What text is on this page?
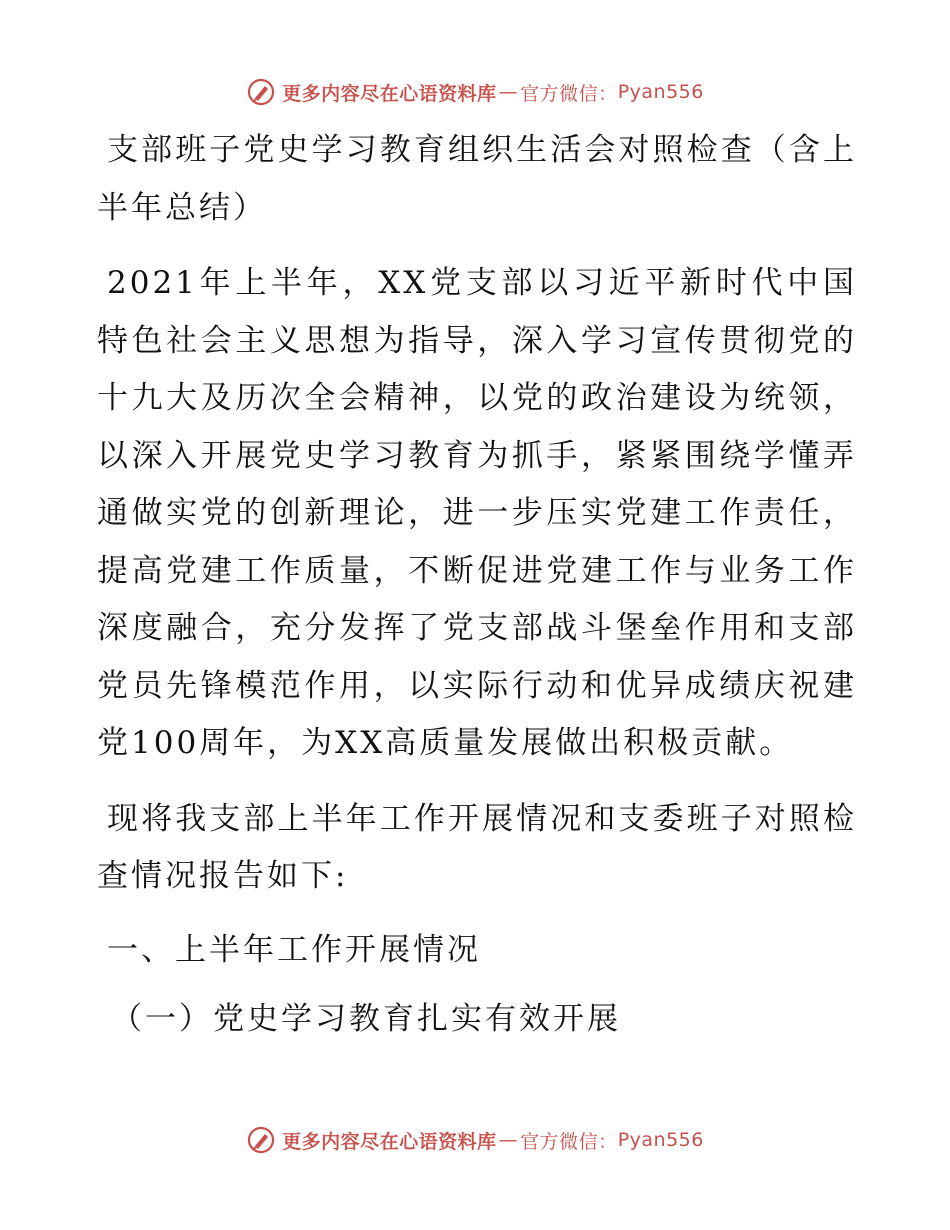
更多内容尽在心语资料库 — 官方微信： Pyan556

支部班子党史学习教育组织生活会对照检查（含上半年总结）

2021年上半年，XX党支部以习近平新时代中国特色社会主义思想为指导，深入学习宣传贯彻党的十九大及历次全会精神，以党的政治建设为统领，以深入开展党史学习教育为抓手，紧紧围绕学懂弄通做实党的创新理论，进一步压实党建工作责任，提高党建工作质量，不断促进党建工作与业务工作深度融合，充分发挥了党支部战斗堡垒作用和支部党员先锋模范作用，以实际行动和优异成绩庆祝建党100周年，为XX高质量发展做出积极贡献。

现将我支部上半年工作开展情况和支委班子对照检查情况报告如下:

一、上半年工作开展情况

（一）党史学习教育扎实有效开展

更多内容尽在心语资料库 — 官方微信： Pyan556
